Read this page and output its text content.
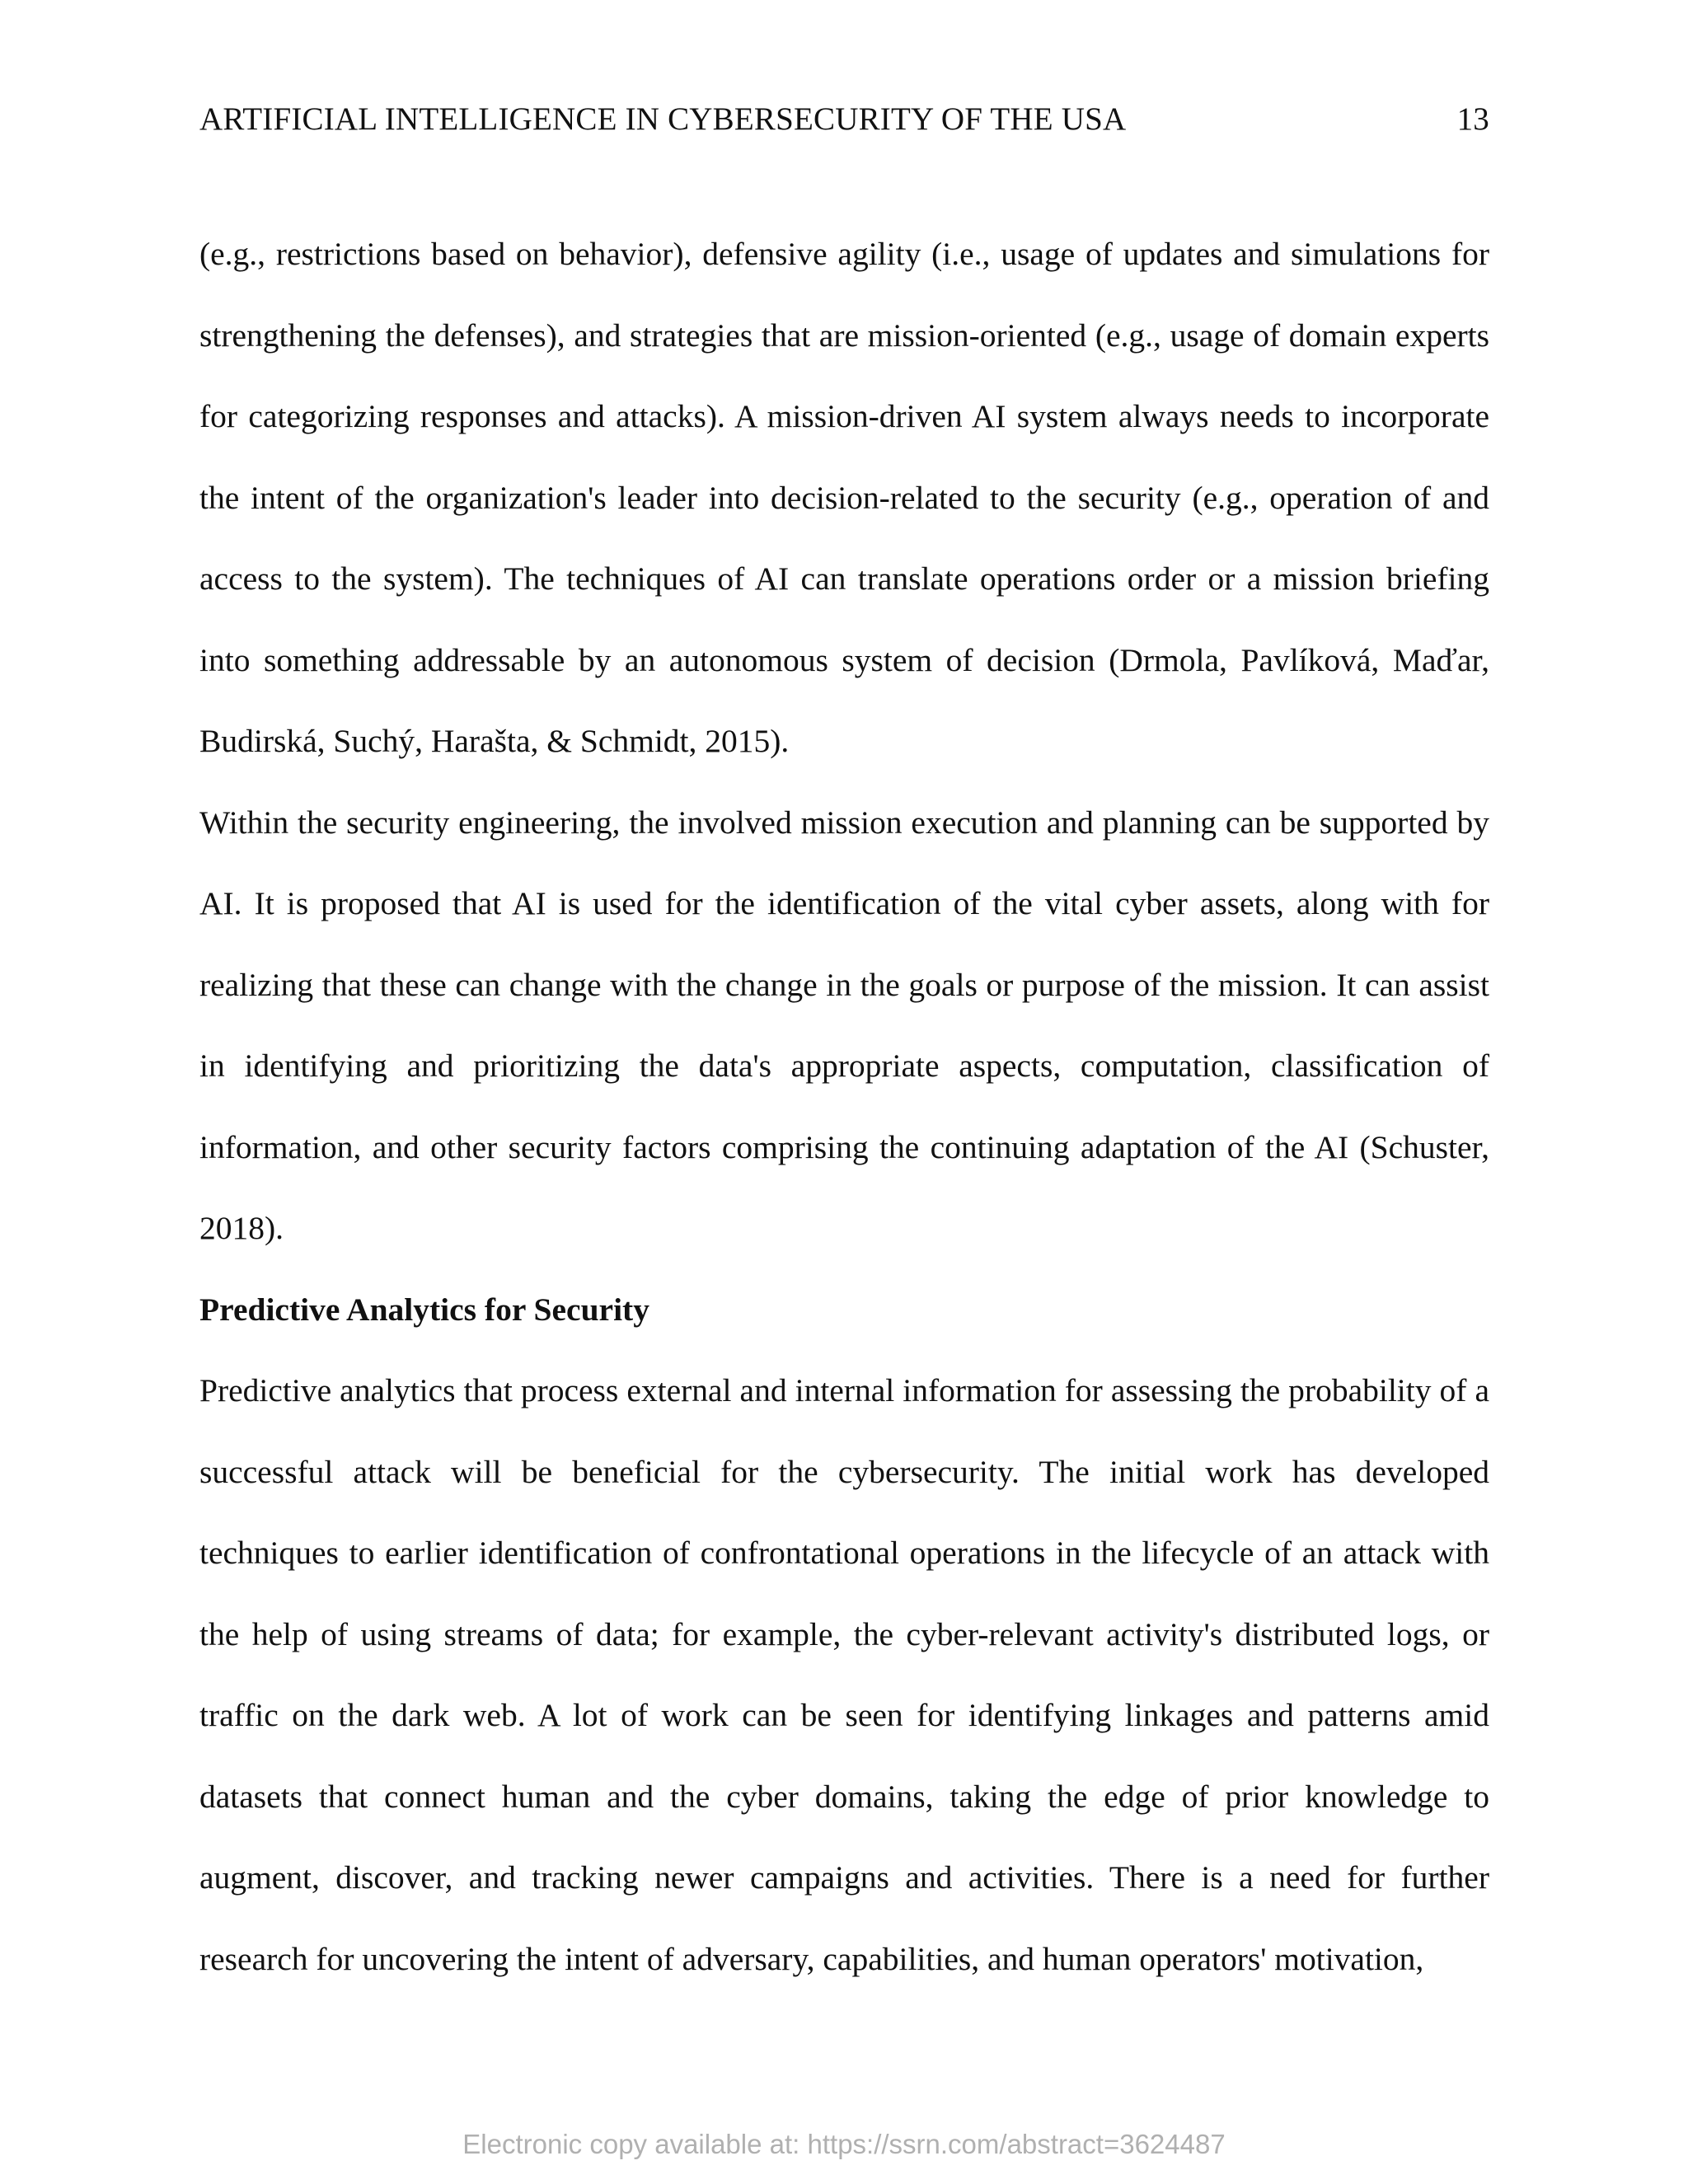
ARTIFICIAL INTELLIGENCE IN CYBERSECURITY OF THE USA	13

(e.g., restrictions based on behavior), defensive agility (i.e., usage of updates and simulations for strengthening the defenses), and strategies that are mission-oriented (e.g., usage of domain experts for categorizing responses and attacks). A mission-driven AI system always needs to incorporate the intent of the organization's leader into decision-related to the security (e.g., operation of and access to the system). The techniques of AI can translate operations order or a mission briefing into something addressable by an autonomous system of decision (Drmola, Pavlíková, Maďar, Budirská, Suchý, Harašta, & Schmidt, 2015).

Within the security engineering, the involved mission execution and planning can be supported by AI. It is proposed that AI is used for the identification of the vital cyber assets, along with for realizing that these can change with the change in the goals or purpose of the mission. It can assist in identifying and prioritizing the data's appropriate aspects, computation, classification of information, and other security factors comprising the continuing adaptation of the AI (Schuster, 2018).

Predictive Analytics for Security

Predictive analytics that process external and internal information for assessing the probability of a successful attack will be beneficial for the cybersecurity. The initial work has developed techniques to earlier identification of confrontational operations in the lifecycle of an attack with the help of using streams of data; for example, the cyber-relevant activity's distributed logs, or traffic on the dark web. A lot of work can be seen for identifying linkages and patterns amid datasets that connect human and the cyber domains, taking the edge of prior knowledge to augment, discover, and tracking newer campaigns and activities. There is a need for further research for uncovering the intent of adversary, capabilities, and human operators' motivation,

Electronic copy available at: https://ssrn.com/abstract=3624487
